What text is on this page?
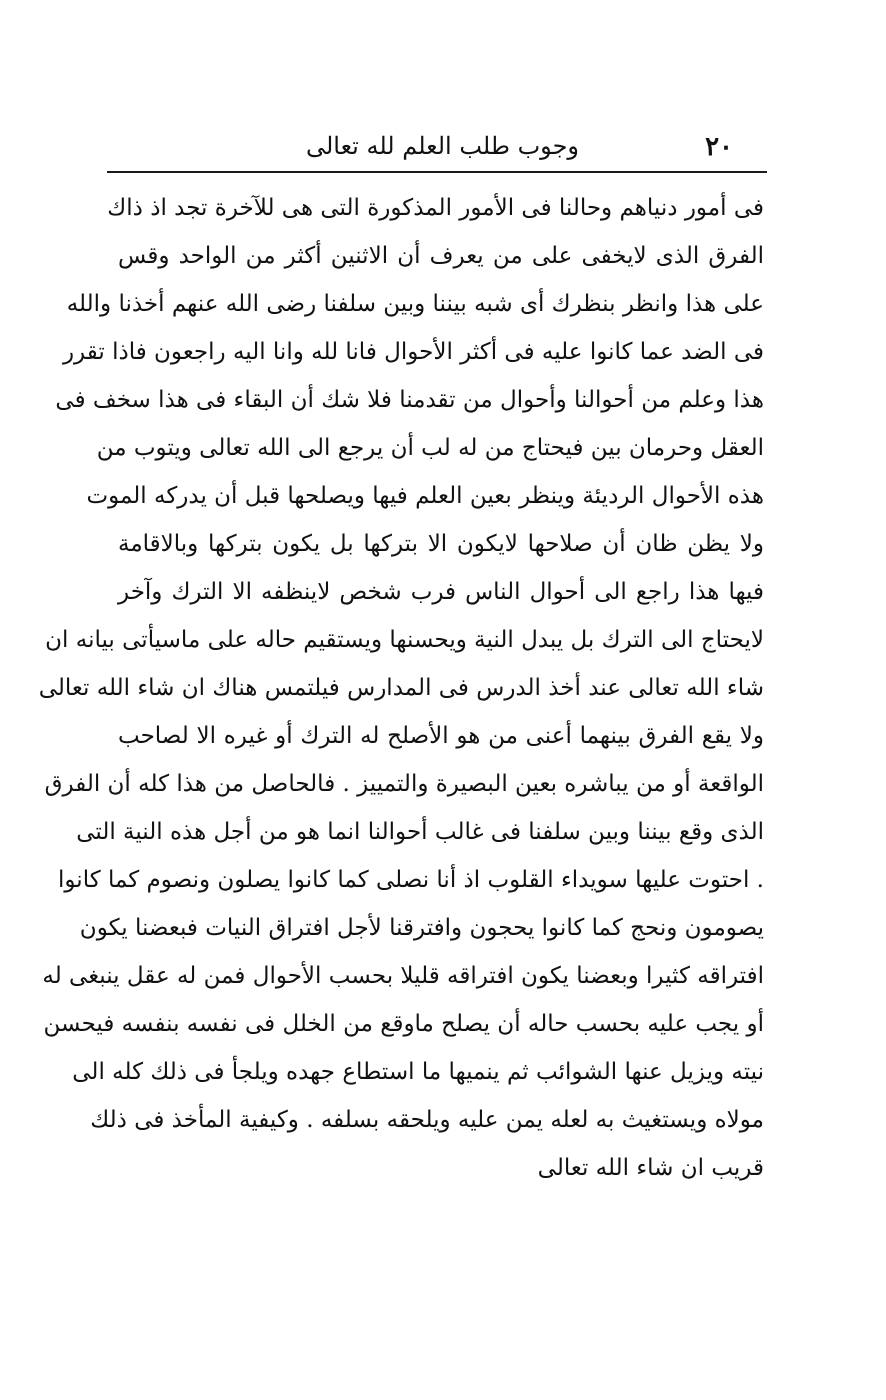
٢٠
وجوب طلب العلم لله تعالى
فى أمور دنياهم وحالنا فى الأمور المذكورة التى هى للآخرة تجد اذ ذاك
الفرق الذى لايخفى على من يعرف أن الاثنين أكثر من الواحد وقس
على هذا وانظر بنظرك أى شبه بيننا وبين سلفنا رضى الله عنهم أخذنا والله
فى الضد عما كانوا عليه فى أكثر الأحوال فانا لله وانا اليه راجعون فاذا تقرر
هذا وعلم من أحوالنا وأحوال من تقدمنا فلا شك أن البقاء فى هذا سخف فى
العقل وحرمان بين فيحتاج من له لب أن يرجع الى الله تعالى ويتوب من
هذه الأحوال الرديئة وينظر بعين العلم فيها ويصلحها قبل أن يدركه الموت
ولا يظن ظان أن صلاحها لايكون الا بتركها بل يكون بتركها وبالاقامة
فيها هذا راجع الى أحوال الناس فرب شخص لاينظفه الا الترك وآخر
لايحتاج الى الترك بل يبدل النية ويحسنها ويستقيم حاله على ماسيأتى بيانه ان
شاء الله تعالى عند أخذ الدرس فى المدارس فيلتمس هناك ان شاء الله تعالى
ولا يقع الفرق بينهما أعنى من هو الأصلح له الترك أو غيره الا لصاحب
الواقعة أو من يباشره بعين البصيرة والتمييز . فالحاصل من هذا كله أن الفرق
الذى وقع بيننا وبين سلفنا فى غالب أحوالنا انما هو من أجل هذه النية التى
. احتوت عليها سويداء القلوب اذ أنا نصلى كما كانوا يصلون ونصوم كما كانوا
يصومون ونحج كما كانوا يحجون وافترقنا لأجل افتراق النيات فبعضنا يكون
افتراقه كثيرا وبعضنا يكون افتراقه قليلا بحسب الأحوال فمن له عقل ينبغى له
أو يجب عليه بحسب حاله أن يصلح ماوقع من الخلل فى نفسه بنفسه فيحسن
نيته ويزيل عنها الشوائب ثم ينميها ما استطاع جهده ويلجأ فى ذلك كله الى
مولاه ويستغيث به لعله يمن عليه ويلحقه بسلفه . وكيفية المأخذ فى ذلك
قريب ان شاء الله تعالى
